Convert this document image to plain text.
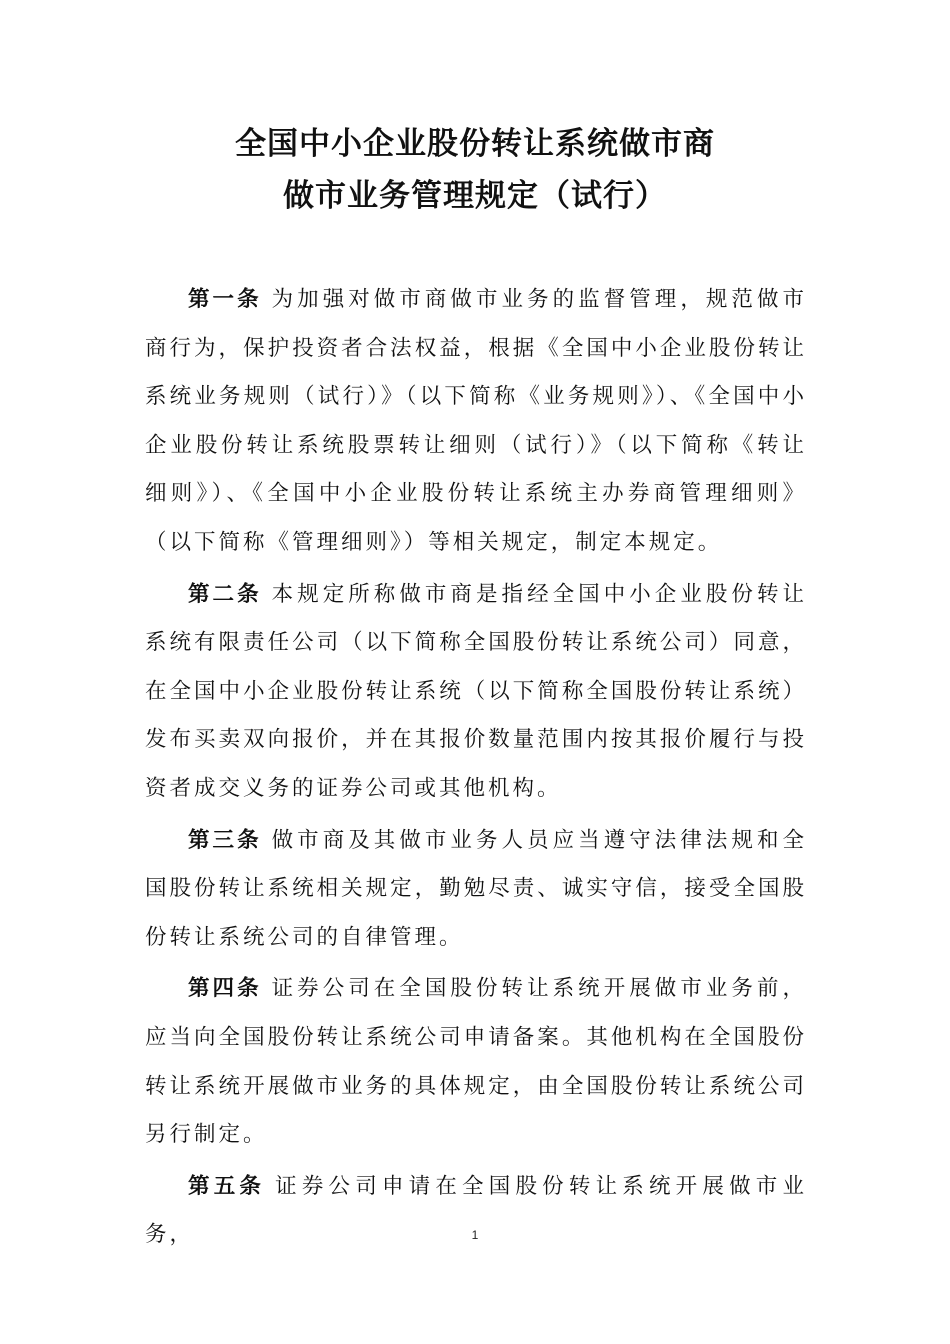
全国中小企业股份转让系统做市商
做市业务管理规定（试行）

第一条 为加强对做市商做市业务的监督管理，规范做市商行为，保护投资者合法权益，根据《全国中小企业股份转让系统业务规则（试行）》（以下简称《业务规则》）、《全国中小企业股份转让系统股票转让细则（试行）》（以下简称《转让细则》）、《全国中小企业股份转让系统主办券商管理细则》（以下简称《管理细则》）等相关规定，制定本规定。

第二条 本规定所称做市商是指经全国中小企业股份转让系统有限责任公司（以下简称全国股份转让系统公司）同意，在全国中小企业股份转让系统（以下简称全国股份转让系统）发布买卖双向报价，并在其报价数量范围内按其报价履行与投资者成交义务的证券公司或其他机构。

第三条 做市商及其做市业务人员应当遵守法律法规和全国股份转让系统相关规定，勤勉尽责、诚实守信，接受全国股份转让系统公司的自律管理。

第四条 证券公司在全国股份转让系统开展做市业务前，应当向全国股份转让系统公司申请备案。其他机构在全国股份转让系统开展做市业务的具体规定，由全国股份转让系统公司另行制定。

第五条 证券公司申请在全国股份转让系统开展做市业务，	1
